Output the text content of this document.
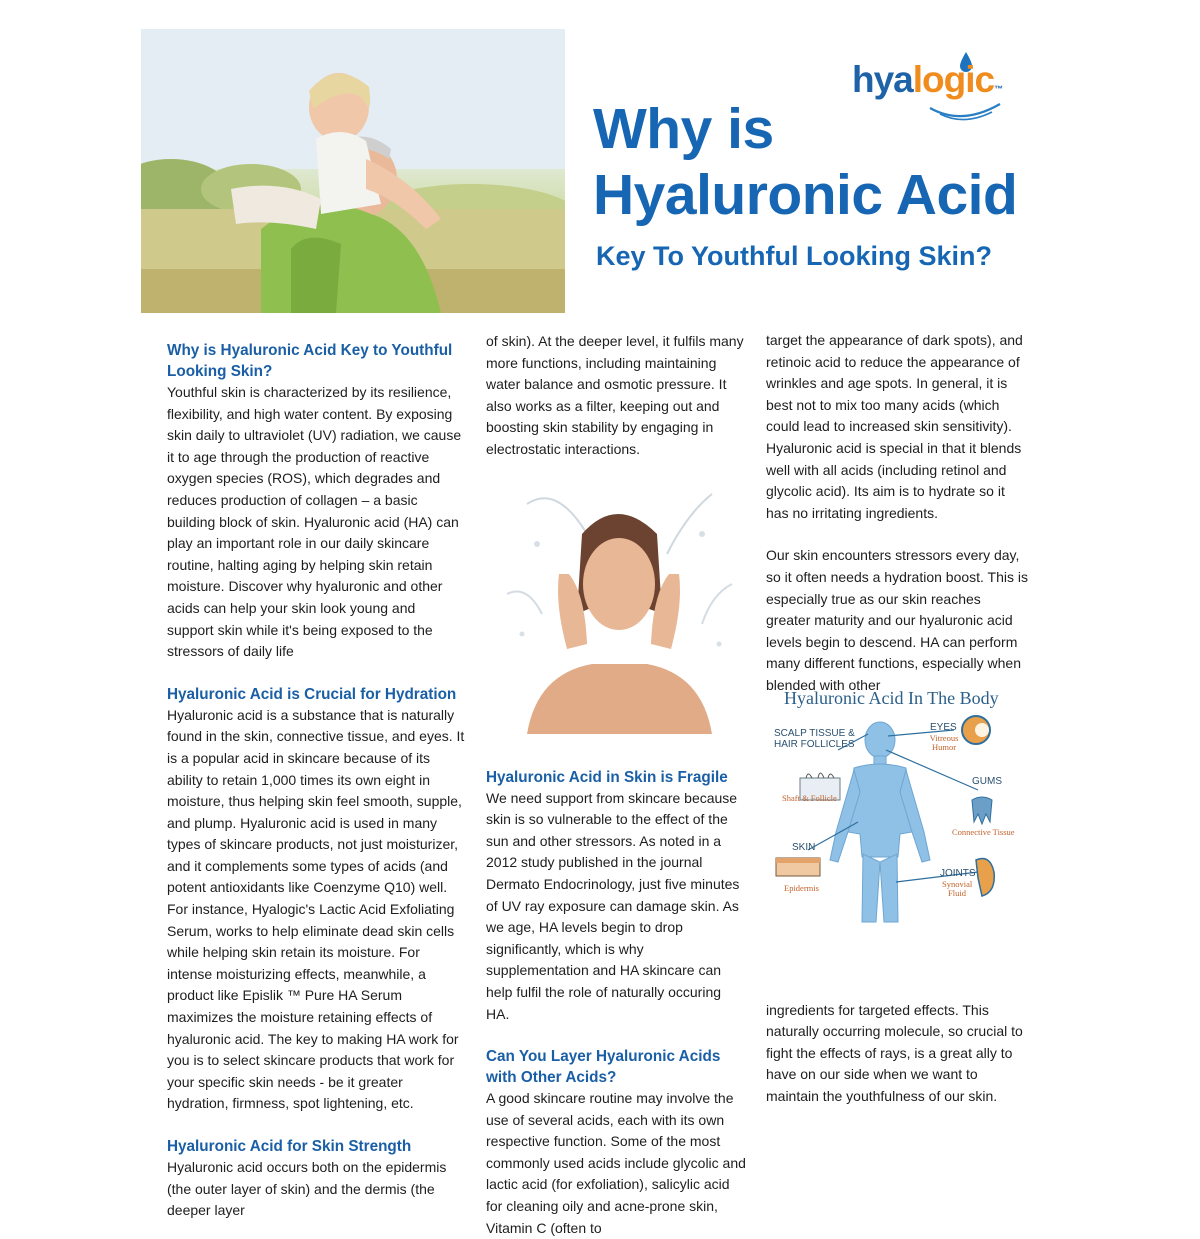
hyalogic™
Why is
Hyaluronic Acid
Key To Youthful Looking Skin?
Why is Hyaluronic Acid Key to Youthful Looking Skin?

Youthful skin is characterized by its resilience, flexibility, and high water content. By exposing skin daily to ultraviolet (UV) radiation, we cause it to age through the production of reactive oxygen species (ROS), which degrades and reduces production of collagen – a basic building block of skin. Hyaluronic acid (HA) can play an important role in our daily skincare routine, halting aging by helping skin retain moisture. Discover why hyaluronic and other acids can help your skin look young and support skin while it's being exposed to the stressors of daily life

Hyaluronic Acid is Crucial for Hydration

Hyaluronic acid is a substance that is naturally found in the skin, connective tissue, and eyes. It is a popular acid in skincare because of its ability to retain 1,000 times its own eight in moisture, thus helping skin feel smooth, supple, and plump. Hyaluronic acid is used in many types of skincare products, not just moisturizer, and it complements some types of acids (and potent antioxidants like Coenzyme Q10) well. For instance, Hyalogic's Lactic Acid Exfoliating Serum, works to help eliminate dead skin cells while helping skin retain its moisture. For intense moisturizing effects, meanwhile, a product like Epislik ™ Pure HA Serum maximizes the moisture retaining effects of hyaluronic acid. The key to making HA work for you is to select skincare products that work for your specific skin needs - be it greater hydration, firmness, spot lightening, etc.

Hyaluronic Acid for Skin Strength

Hyaluronic acid occurs both on the epidermis (the outer layer of skin) and the dermis (the deeper layer

of skin). At the deeper level, it fulfils many more functions, including maintaining water balance and osmotic pressure. It also works as a filter, keeping out and boosting skin stability by engaging in electrostatic interactions.

Hyaluronic Acid in Skin is Fragile

We need support from skincare because skin is so vulnerable to the effect of the sun and other stressors. As noted in a 2012 study published in the journal Dermato Endocrinology, just five minutes of UV ray exposure can damage skin. As we age, HA levels begin to drop significantly, which is why supplementation and HA skincare can help fulfil the role of naturally occuring HA.

Can You Layer Hyaluronic Acids with Other Acids?

A good skincare routine may involve the use of several acids, each with its own respective function. Some of the most commonly used acids include glycolic and lactic acid (for exfoliation), salicylic acid for cleaning oily and acne-prone skin, Vitamin C (often to

target the appearance of dark spots), and retinoic acid to reduce the appearance of wrinkles and age spots. In general, it is best not to mix too many acids (which could lead to increased skin sensitivity). Hyaluronic acid is special in that it blends well with all acids (including retinol and glycolic acid). Its aim is to hydrate so it has no irritating ingredients.

Our skin encounters stressors every day, so it often needs a hydration boost. This is especially true as our skin reaches greater maturity and our hyaluronic acid levels begin to descend. HA can perform many different functions, especially when blended with other

ingredients for targeted effects. This naturally occurring molecule, so crucial to fight the effects of rays, is a great ally to have on our side when we want to maintain the youthfulness of our skin.

Hyaluronic Acid In The Body
SCALP TISSUE & HAIR FOLLICLES
Shaft & Follicle
EYES
Vitreous Humor
GUMS
Connective Tissue
SKIN
Epidermis
JOINTS
Synovial Fluid
